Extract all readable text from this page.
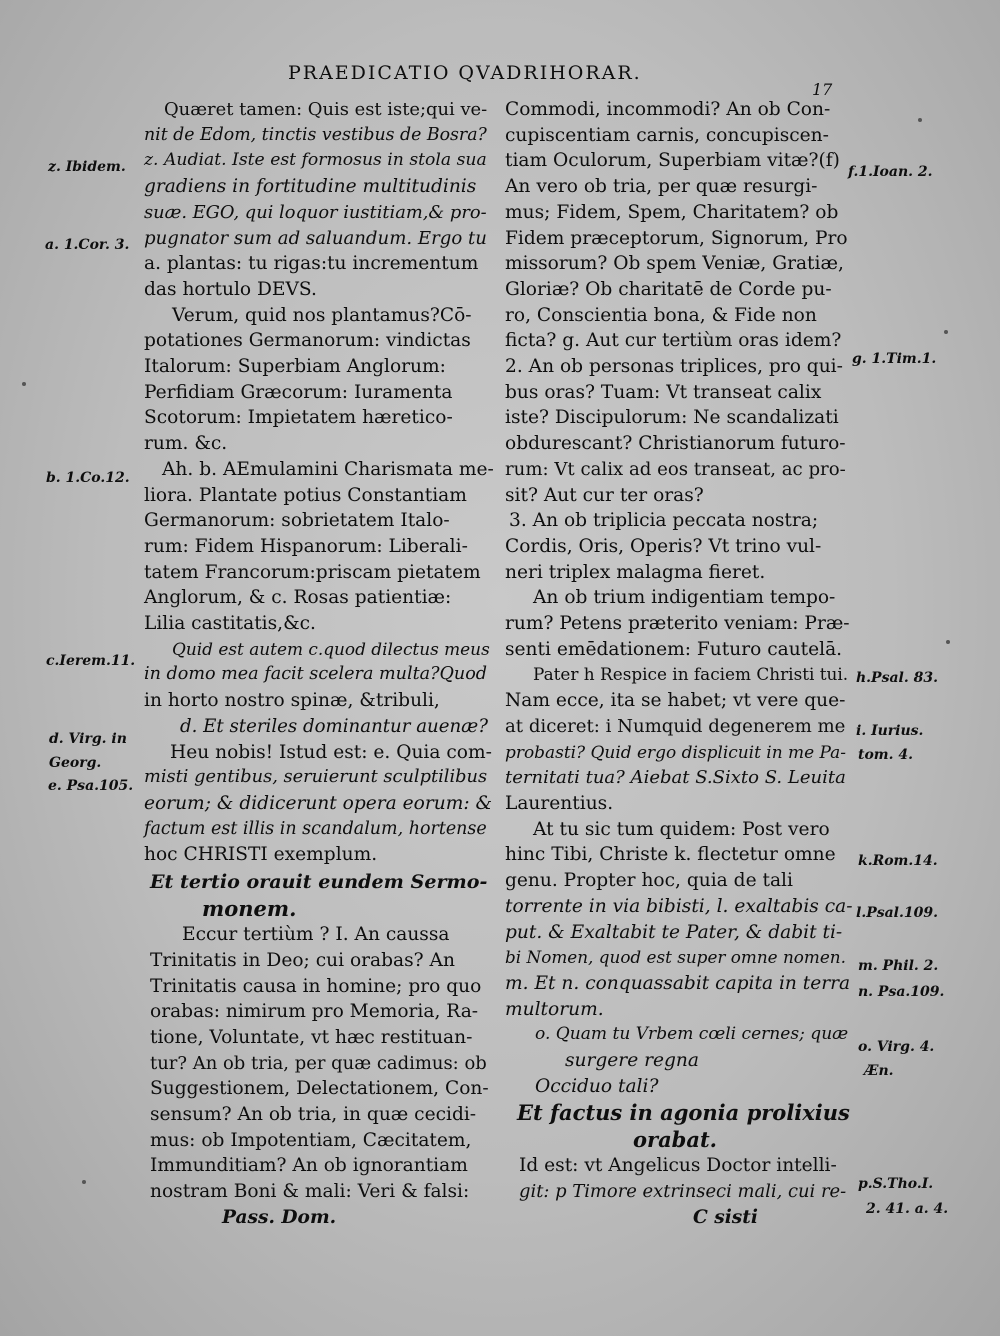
PRAEDICATIO QVADRIHORAR.
17

Quæret tamen: Quis est iste;qui ve-

nit de Edom, tinctis vestibus de Bosra?

z. Audiat. Iste est formosus in stola sua

gradiens in fortitudine multitudinis

suæ. EGO, qui loquor iustitiam,& pro-

pugnator sum ad saluandum. Ergo tu

a. plantas: tu rigas:tu incrementum

das hortulo DEVS.

Verum, quid nos plantamus?Cō-

potationes Germanorum: vindictas

Italorum: Superbiam Anglorum:

Perfidiam Græcorum: Iuramenta

Scotorum: Impietatem hæretico-

rum. &c.

Ah. b. AEmulamini Charismata me-

liora. Plantate potius Constantiam

Germanorum: sobrietatem Italo-

rum: Fidem Hispanorum: Liberali-

tatem Francorum:priscam pietatem

Anglorum, & c. Rosas patientiæ:

Lilia castitatis,&c.

Quid est autem c.quod dilectus meus

in domo mea facit scelera multa?Quod

in horto nostro spinæ, &tribuli,

d. Et steriles dominantur auenæ?

Heu nobis! Istud est: e. Quia com-

misti gentibus, seruierunt sculptilibus

eorum; & didicerunt opera eorum: &

factum est illis in scandalum, hortense

hoc CHRISTI exemplum.

Et tertio orauit eundem Sermo-

monem.

Eccur tertiùm ? I. An caussa

Trinitatis in Deo; cui orabas? An

Trinitatis causa in homine; pro quo

orabas: nimirum pro Memoria, Ra-

tione, Voluntate, vt hæc restituan-

tur? An ob tria, per quæ cadimus: ob

Suggestionem, Delectationem, Con-

sensum? An ob tria, in quæ cecidi-

mus: ob Impotentiam, Cæcitatem,

Immunditiam? An ob ignorantiam

nostram Boni & mali: Veri & falsi:

Pass. Dom.

Commodi, incommodi? An ob Con-

cupiscentiam carnis, concupiscen-

tiam Oculorum, Superbiam vitæ?(f)

An vero ob tria, per quæ resurgi-

mus; Fidem, Spem, Charitatem? ob

Fidem præceptorum, Signorum, Pro

missorum? Ob spem Veniæ, Gratiæ,

Gloriæ? Ob charitatē de Corde pu-

ro, Conscientia bona, & Fide non

ficta? g. Aut cur tertiùm oras idem?

2. An ob personas triplices, pro qui-

bus oras? Tuam: Vt transeat calix

iste? Discipulorum: Ne scandalizati

obdurescant? Christianorum futuro-

rum: Vt calix ad eos transeat, ac pro-

sit? Aut cur ter oras?

3. An ob triplicia peccata nostra;

Cordis, Oris, Operis? Vt trino vul-

neri triplex malagma fieret.

An ob trium indigentiam tempo-

rum? Petens præterito veniam: Præ-

senti emēdationem: Futuro cautelā.

Pater h Respice in faciem Christi tui.

Nam ecce, ita se habet; vt vere que-

at diceret: i Numquid degenerem me

probasti? Quid ergo displicuit in me Pa-

ternitati tua? Aiebat S.Sixto S. Leuita

Laurentius.

At tu sic tum quidem: Post vero

hinc Tibi, Christe k. flectetur omne

genu. Propter hoc, quia de tali

torrente in via bibisti, l. exaltabis ca-

put. & Exaltabit te Pater, & dabit ti-

bi Nomen, quod est super omne nomen.

m. Et n. conquassabit capita in terra

multorum.

o. Quam tu Vrbem cœli cernes; quæ

surgere regna

Occiduo tali?

Et factus in agonia prolixius

orabat.

Id est: vt Angelicus Doctor intelli-

git: p Timore extrinseci mali, cui re-

C sisti

z. Ibidem.
a. 1.Cor. 3.
b. 1.Co.12.
c.Ierem.11.
d. Virg. in
Georg.
e. Psa.105.
f.1.Ioan. 2.
g. 1.Tim.1.
h.Psal. 83.
i. Iurius.
tom. 4.
k.Rom.14.
l.Psal.109.
m. Phil. 2.
n. Psa.109.
o. Virg. 4.
Æn.
p.S.Tho.I.
2. 41. a. 4.
